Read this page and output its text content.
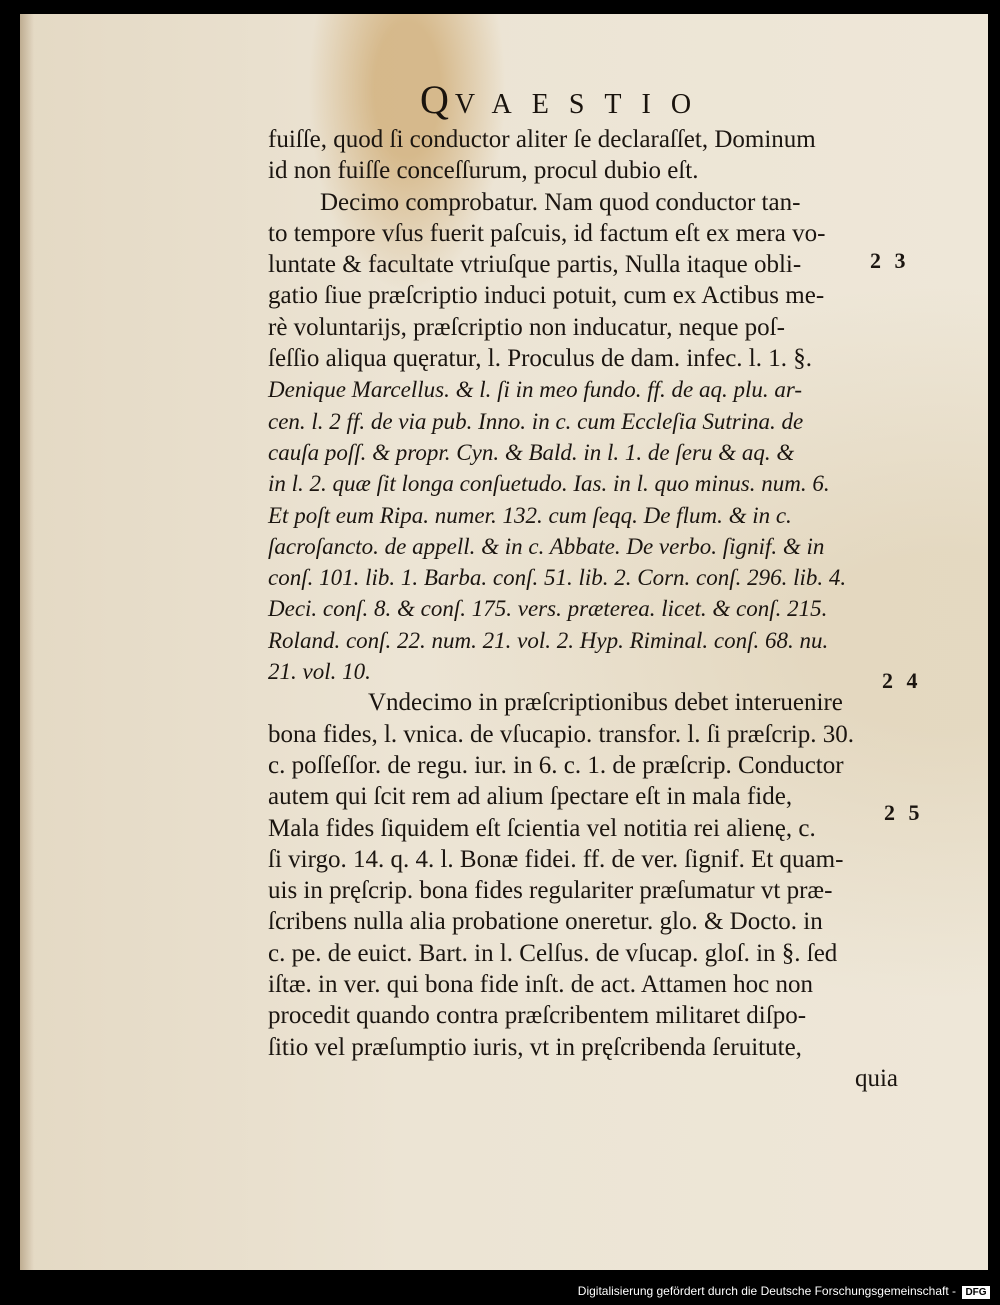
QVAESTIO
fuiſſe, quod ſi conductor aliter ſe declaraſſet, Dominum
id non fuiſſe conceſſurum, procul dubio eſt.
Decimo comprobatur. Nam quod conductor tan-
to tempore vſus fuerit paſcuis, id factum eſt ex mera vo-
luntate & facultate vtriuſque partis, Nulla itaque obli-
gatio ſiue præſcriptio induci potuit, cum ex Actibus me-
rè voluntarijs, præſcriptio non inducatur, neque poſ-
ſeſſio aliqua quęratur, l. Proculus de dam. infec. l. 1. §.
Denique Marcellus. & l. ſi in meo fundo. ff. de aq. plu. ar-
cen. l. 2 ff. de via pub. Inno. in c. cum Eccleſia Sutrina. de
cauſa poſſ. & propr. Cyn. & Bald. in l. 1. de ſeru & aq. &
in l. 2. quæ ſit longa conſuetudo. Ias. in l. quo minus. num. 6.
Et poſt eum Ripa. numer. 132. cum ſeqq. De flum. & in c.
ſacroſancto. de appell. & in c. Abbate. De verbo. ſignif. & in
conſ. 101. lib. 1. Barba. conſ. 51. lib. 2. Corn. conſ. 296. lib. 4.
Deci. conſ. 8. & conſ. 175. vers. præterea. licet. & conſ. 215.
Roland. conſ. 22. num. 21. vol. 2. Hyp. Riminal. conſ. 68. nu.
21. vol. 10.
Vndecimo in præſcriptionibus debet interuenire
bona fides, l. vnica. de vſucapio. transfor. l. ſi præſcrip. 30.
c. poſſeſſor. de regu. iur. in 6. c. 1. de præſcrip. Conductor
autem qui ſcit rem ad alium ſpectare eſt in mala fide,
Mala fides ſiquidem eſt ſcientia vel notitia rei alienę, c.
ſi virgo. 14. q. 4. l. Bonæ fidei. ff. de ver. ſignif. Et quam-
uis in pręſcrip. bona fides regulariter præſumatur vt præ-
ſcribens nulla alia probatione oneretur. glo. & Docto. in
c. pe. de euict. Bart. in l. Celſus. de vſucap. gloſ. in §. ſed
iſtæ. in ver. qui bona fide inſt. de act. Attamen hoc non
procedit quando contra præſcribentem militaret diſpo-
ſitio vel præſumptio iuris, vt in pręſcribenda ſeruitute,
quia
2 3
2 4
2 5
Digitalisierung gefördert durch die Deutsche Forschungsgemeinschaft - DFG
